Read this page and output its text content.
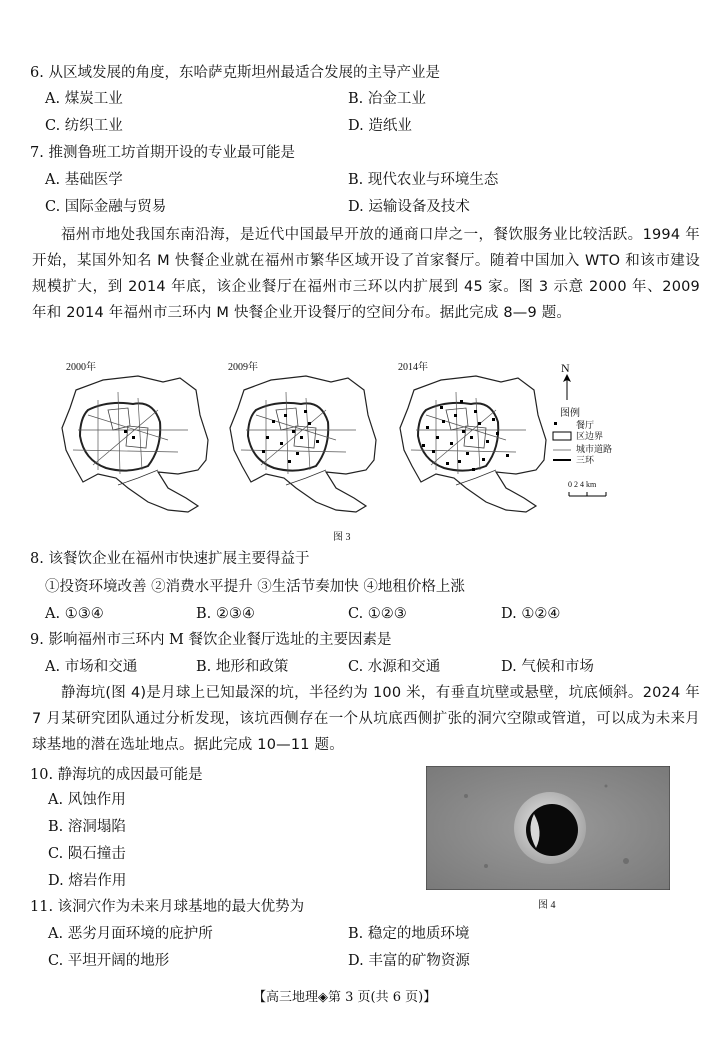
6. 从区域发展的角度，东哈萨克斯坦州最适合发展的主导产业是
A. 煤炭工业	B. 冶金工业
C. 纺织工业	D. 造纸业
7. 推测鲁班工坊首期开设的专业最可能是
A. 基础医学	B. 现代农业与环境生态
C. 国际金融与贸易	D. 运输设备及技术
福州市地处我国东南沿海，是近代中国最早开放的通商口岸之一，餐饮服务业比较活跃。1994 年开始，某国外知名 M 快餐企业就在福州市繁华区域开设了首家餐厅。随着中国加入 WTO 和该市建设规模扩大，到 2014 年底，该企业餐厅在福州市三环以内扩展到 45 家。图 3 示意 2000 年、2009 年和 2014 年福州市三环内 M 快餐企业开设餐厅的空间分布。据此完成 8—9 题。
2000年	2009年	2014年	N
图例
餐厅
区边界
城市道路
三环
0 2 4 km
图 3
8. 该餐饮企业在福州市快速扩展主要得益于
①投资环境改善 ②消费水平提升 ③生活节奏加快 ④地租价格上涨
A. ①③④	B. ②③④	C. ①②③	D. ①②④
9. 影响福州市三环内 M 餐饮企业餐厅选址的主要因素是
A. 市场和交通	B. 地形和政策	C. 水源和交通	D. 气候和市场
静海坑(图 4)是月球上已知最深的坑，半径约为 100 米，有垂直坑壁或悬壁，坑底倾斜。2024 年 7 月某研究团队通过分析发现，该坑西侧存在一个从坑底西侧扩张的洞穴空隙或管道，可以成为未来月球基地的潜在选址地点。据此完成 10—11 题。
10. 静海坑的成因最可能是
A. 风蚀作用
B. 溶洞塌陷
C. 陨石撞击
D. 熔岩作用
图 4
11. 该洞穴作为未来月球基地的最大优势为
A. 恶劣月面环境的庇护所	B. 稳定的地质环境
C. 平坦开阔的地形	D. 丰富的矿物资源
【高三地理◈第 3 页(共 6 页)】
